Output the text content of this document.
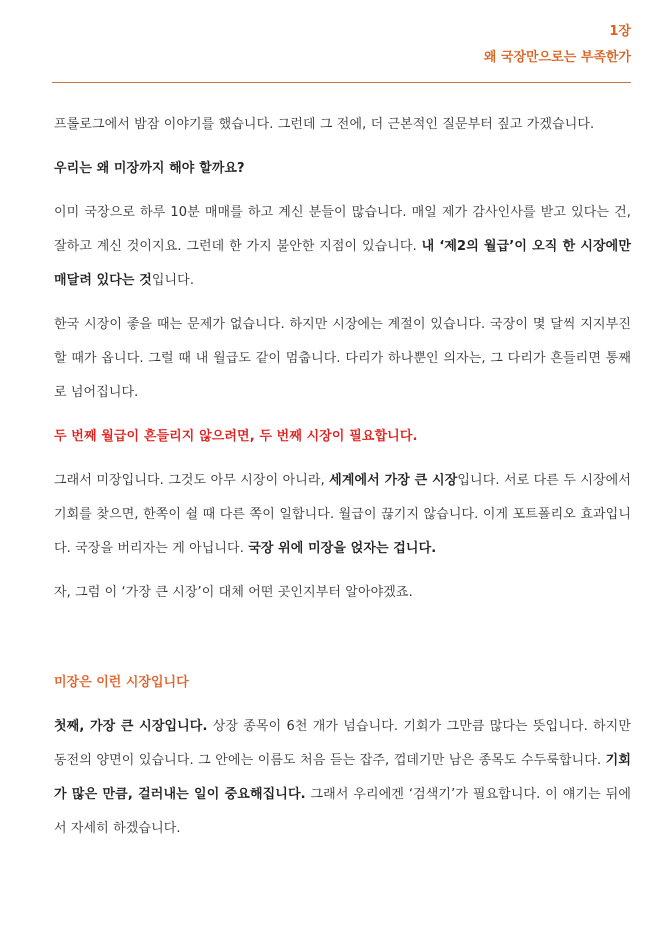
1장
왜 국장만으로는 부족한가

프롤로그에서 밤잠 이야기를 했습니다. 그런데 그 전에, 더 근본적인 질문부터 짚고 가겠습니다.

우리는 왜 미장까지 해야 할까요?

이미 국장으로 하루 10분 매매를 하고 계신 분들이 많습니다. 매일 제가 감사인사를 받고 있다는 건, 잘하고 계신 것이지요. 그런데 한 가지 불안한 지점이 있습니다. 내 ‘제2의 월급’이 오직 한 시장에만 매달려 있다는 것입니다.

한국 시장이 좋을 때는 문제가 없습니다. 하지만 시장에는 계절이 있습니다. 국장이 몇 달씩 지지부진할 때가 옵니다. 그럴 때 내 월급도 같이 멈춥니다. 다리가 하나뿐인 의자는, 그 다리가 흔들리면 통째로 넘어집니다.

두 번째 월급이 흔들리지 않으려면, 두 번째 시장이 필요합니다.

그래서 미장입니다. 그것도 아무 시장이 아니라, 세계에서 가장 큰 시장입니다. 서로 다른 두 시장에서 기회를 찾으면, 한쪽이 쉴 때 다른 쪽이 일합니다. 월급이 끊기지 않습니다. 이게 포트폴리오 효과입니다. 국장을 버리자는 게 아닙니다. 국장 위에 미장을 얹자는 겁니다.

자, 그럼 이 ‘가장 큰 시장’이 대체 어떤 곳인지부터 알아야겠죠.

미장은 이런 시장입니다

첫째, 가장 큰 시장입니다. 상장 종목이 6천 개가 넘습니다. 기회가 그만큼 많다는 뜻입니다. 하지만 동전의 양면이 있습니다. 그 안에는 이름도 처음 듣는 잡주, 껍데기만 남은 종목도 수두룩합니다. 기회가 많은 만큼, 걸러내는 일이 중요해집니다. 그래서 우리에겐 ‘검색기’가 필요합니다. 이 얘기는 뒤에서 자세히 하겠습니다.
